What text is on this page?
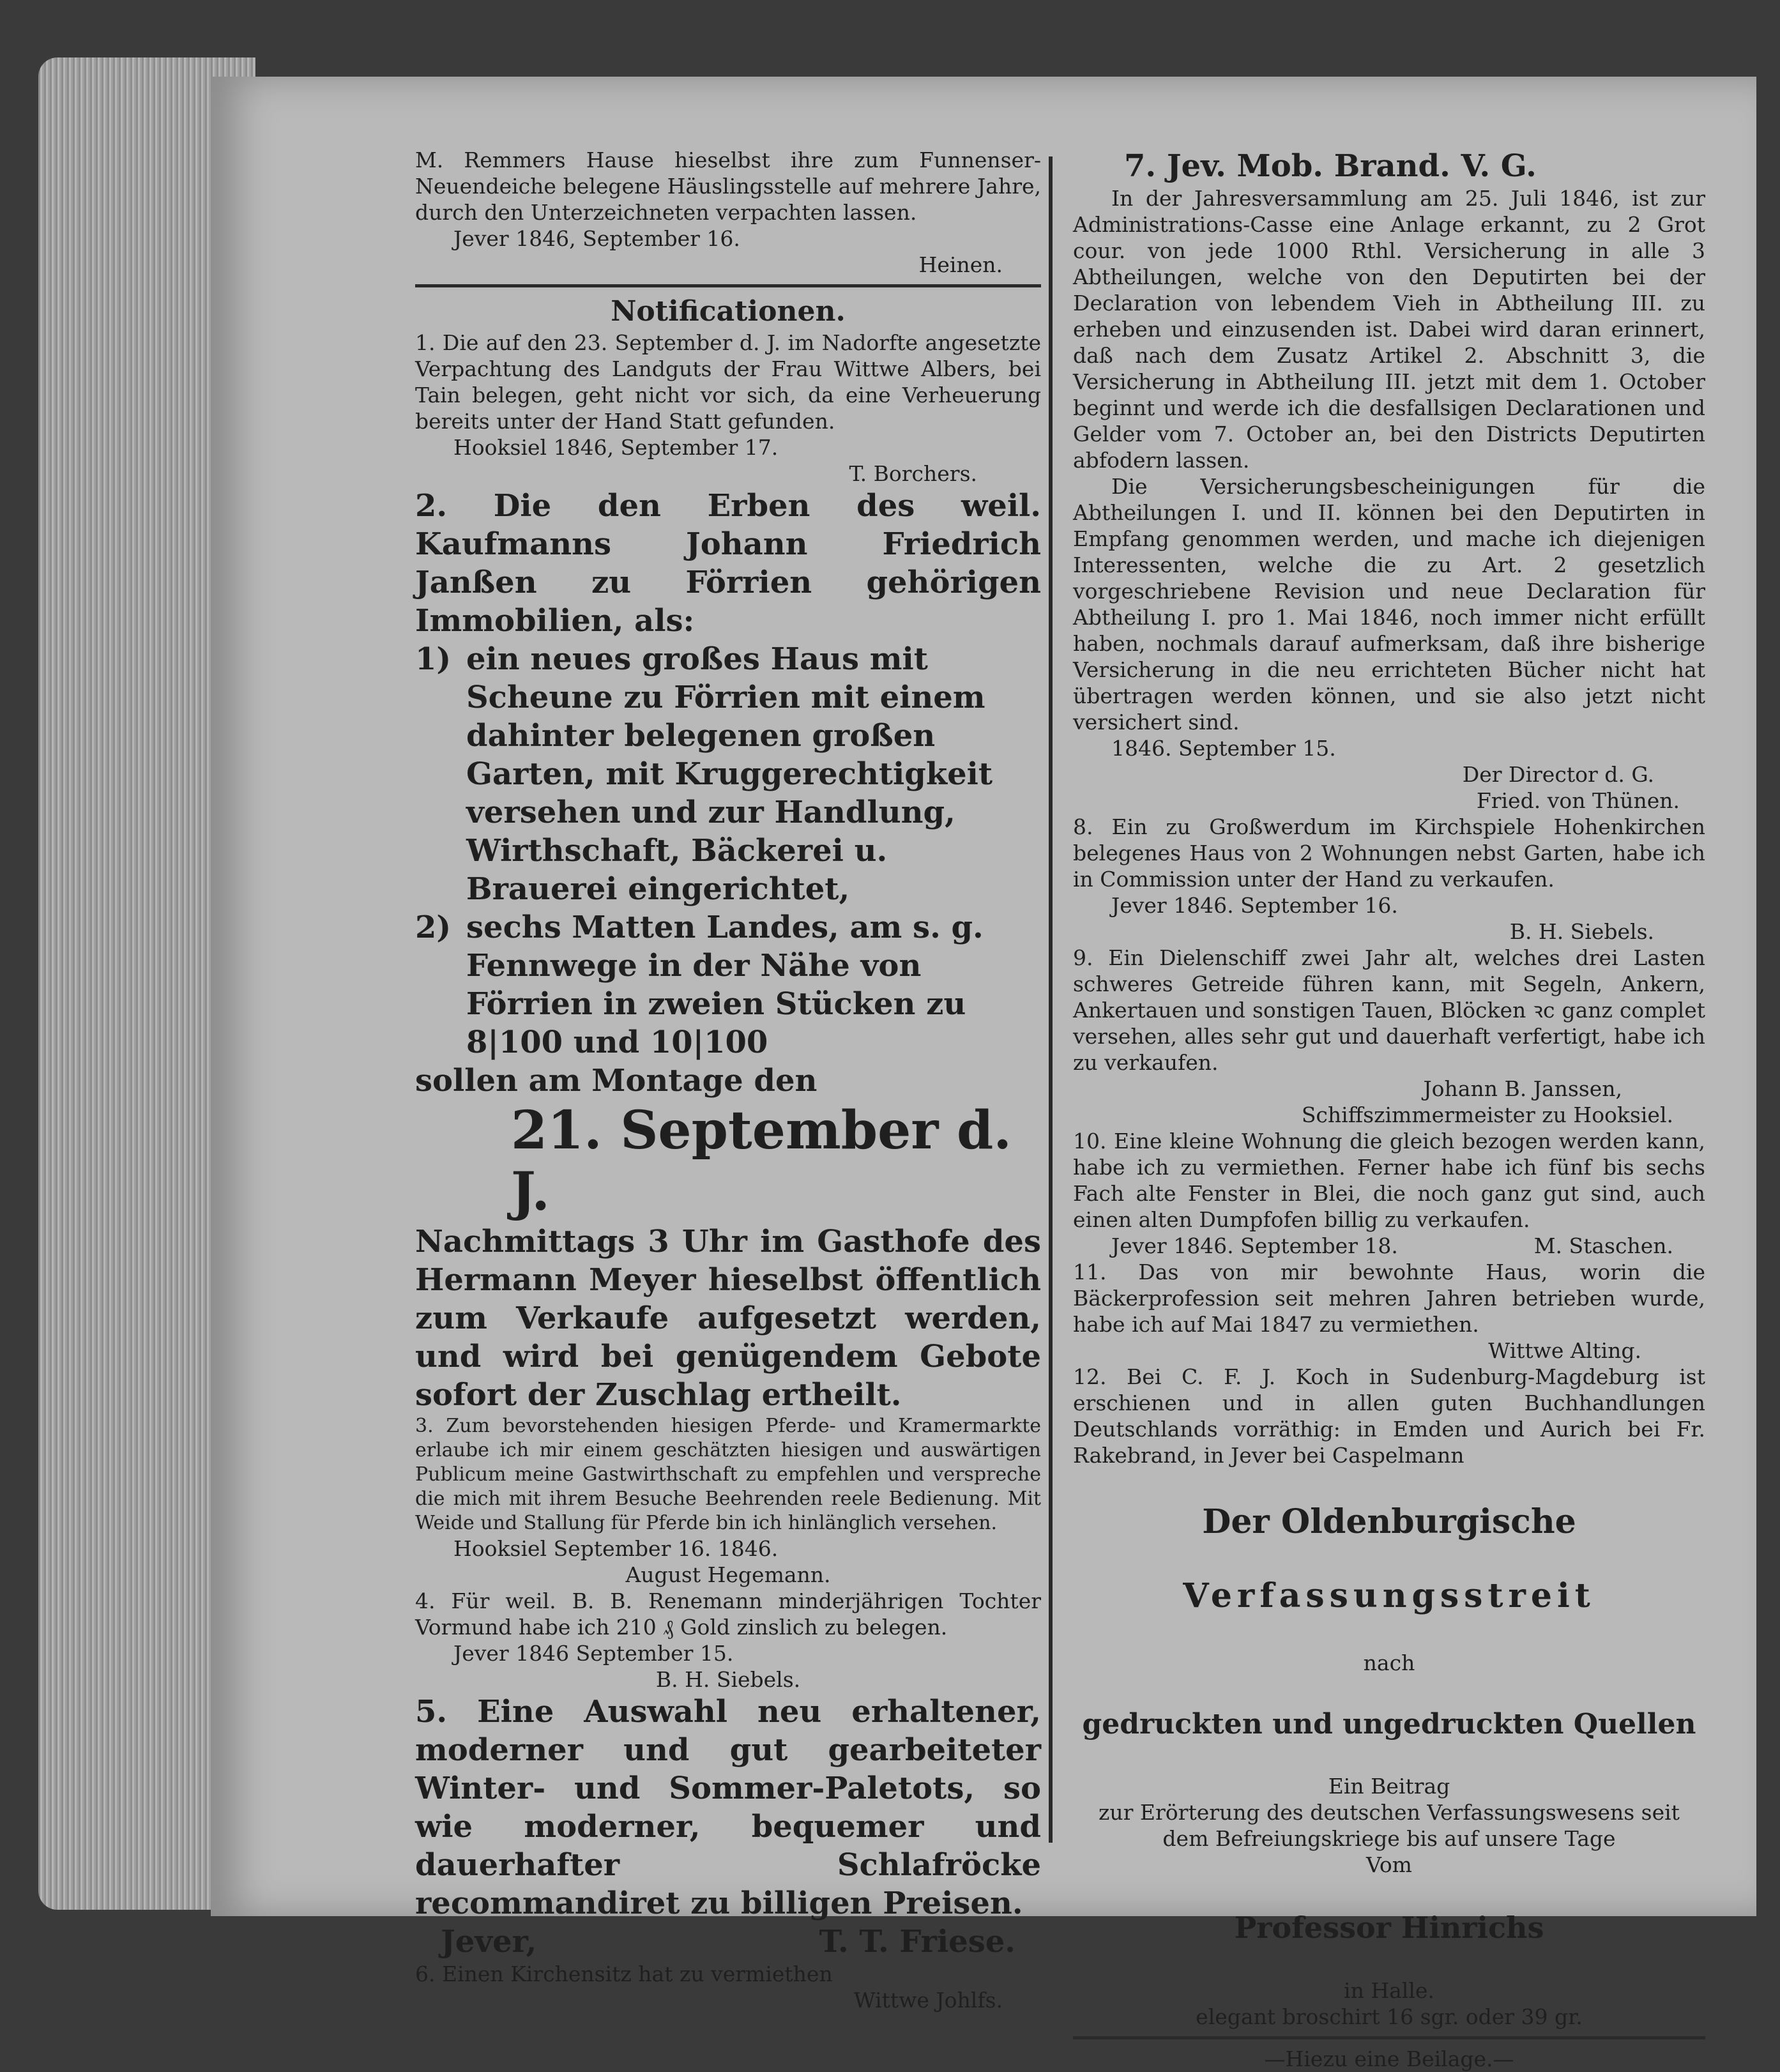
M. Remmers Hause hieselbst ihre zum Funnenser-Neuendeiche belegene Häuslingsstelle auf mehrere Jahre, durch den Unterzeichneten verpachten lassen.

Jever 1846, September 16.

Heinen.

Notificationen.

1. Die auf den 23. September d. J. im Nadorfte angesetzte Verpachtung des Landguts der Frau Wittwe Albers, bei Tain belegen, geht nicht vor sich, da eine Verheuerung bereits unter der Hand Statt gefunden.

Hooksiel 1846, September 17.

T. Borchers.

2. Die den Erben des weil. Kaufmanns Johann Friedrich Janßen zu Förrien gehörigen Immobilien, als:

1) ein neues großes Haus mit Scheune zu Förrien mit einem dahinter belegenen großen Garten, mit Kruggerechtigkeit versehen und zur Handlung, Wirthschaft, Bäckerei u. Brauerei eingerichtet,
2) sechs Matten Landes, am s. g. Fennwege in der Nähe von Förrien in zweien Stücken zu 8|100 und 10|100

sollen am Montage den

21. September d. J.

Nachmittags 3 Uhr im Gasthofe des Hermann Meyer hieselbst öffentlich zum Verkaufe aufgesetzt werden, und wird bei genügendem Gebote sofort der Zuschlag ertheilt.

3. Zum bevorstehenden hiesigen Pferde- und Kramermarkte erlaube ich mir einem geschätzten hiesigen und auswärtigen Publicum meine Gastwirthschaft zu empfehlen und verspreche die mich mit ihrem Besuche Beehrenden reele Bedienung. Mit Weide und Stallung für Pferde bin ich hinlänglich versehen.

Hooksiel September 16. 1846.

August Hegemann.

4. Für weil. B. B. Renemann minderjährigen Tochter Vormund habe ich 210 ₰ Gold zinslich zu belegen.

Jever 1846 September 15.

B. H. Siebels.

5. Eine Auswahl neu erhaltener, moderner und gut gearbeiteter Winter- und Sommer-Paletots, so wie moderner, bequemer und dauerhafter Schlafröcke recommandiret zu billigen Preisen.

Jever,	T. T. Friese.

6. Einen Kirchensitz hat zu vermiethen

Wittwe Johlfs.

7. Jev. Mob. Brand. V. G.

In der Jahresversammlung am 25. Juli 1846, ist zur Administrations-Casse eine Anlage erkannt, zu 2 Grot cour. von jede 1000 Rthl. Versicherung in alle 3 Abtheilungen, welche von den Deputirten bei der Declaration von lebendem Vieh in Abtheilung III. zu erheben und einzusenden ist. Dabei wird daran erinnert, daß nach dem Zusatz Artikel 2. Abschnitt 3, die Versicherung in Abtheilung III. jetzt mit dem 1. October beginnt und werde ich die desfallsigen Declarationen und Gelder vom 7. October an, bei den Districts Deputirten abfodern lassen.

Die Versicherungsbescheinigungen für die Abtheilungen I. und II. können bei den Deputirten in Empfang genommen werden, und mache ich diejenigen Interessenten, welche die zu Art. 2 gesetzlich vorgeschriebene Revision und neue Declaration für Abtheilung I. pro 1. Mai 1846, noch immer nicht erfüllt haben, nochmals darauf aufmerksam, daß ihre bisherige Versicherung in die neu errichteten Bücher nicht hat übertragen werden können, und sie also jetzt nicht versichert sind.

1846. September 15.

Der Director d. G.

Fried. von Thünen.

8. Ein zu Großwerdum im Kirchspiele Hohenkirchen belegenes Haus von 2 Wohnungen nebst Garten, habe ich in Commission unter der Hand zu verkaufen.

Jever 1846. September 16.

B. H. Siebels.

9. Ein Dielenschiff zwei Jahr alt, welches drei Lasten schweres Getreide führen kann, mit Segeln, Ankern, Ankertauen und sonstigen Tauen, Blöcken ꝛc ganz complet versehen, alles sehr gut und dauerhaft verfertigt, habe ich zu verkaufen.

Johann B. Janssen,

Schiffszimmermeister zu Hooksiel.

10. Eine kleine Wohnung die gleich bezogen werden kann, habe ich zu vermiethen. Ferner habe ich fünf bis sechs Fach alte Fenster in Blei, die noch ganz gut sind, auch einen alten Dumpfofen billig zu verkaufen.

Jever 1846. September 18.	M. Staschen.

11. Das von mir bewohnte Haus, worin die Bäckerprofession seit mehren Jahren betrieben wurde, habe ich auf Mai 1847 zu vermiethen.

Wittwe Alting.

12. Bei C. F. J. Koch in Sudenburg-Magdeburg ist erschienen und in allen guten Buchhandlungen Deutschlands vorräthig: in Emden und Aurich bei Fr. Rakebrand, in Jever bei Caspelmann

Der Oldenburgische

Verfassungsstreit

nach

gedruckten und ungedruckten Quellen

Ein Beitrag

zur Erörterung des deutschen Verfassungswesens seit dem Befreiungskriege bis auf unsere Tage

Vom

Professor Hinrichs

in Halle.

elegant broschirt 16 sgr. oder 39 gr.

—Hiezu eine Beilage.—
